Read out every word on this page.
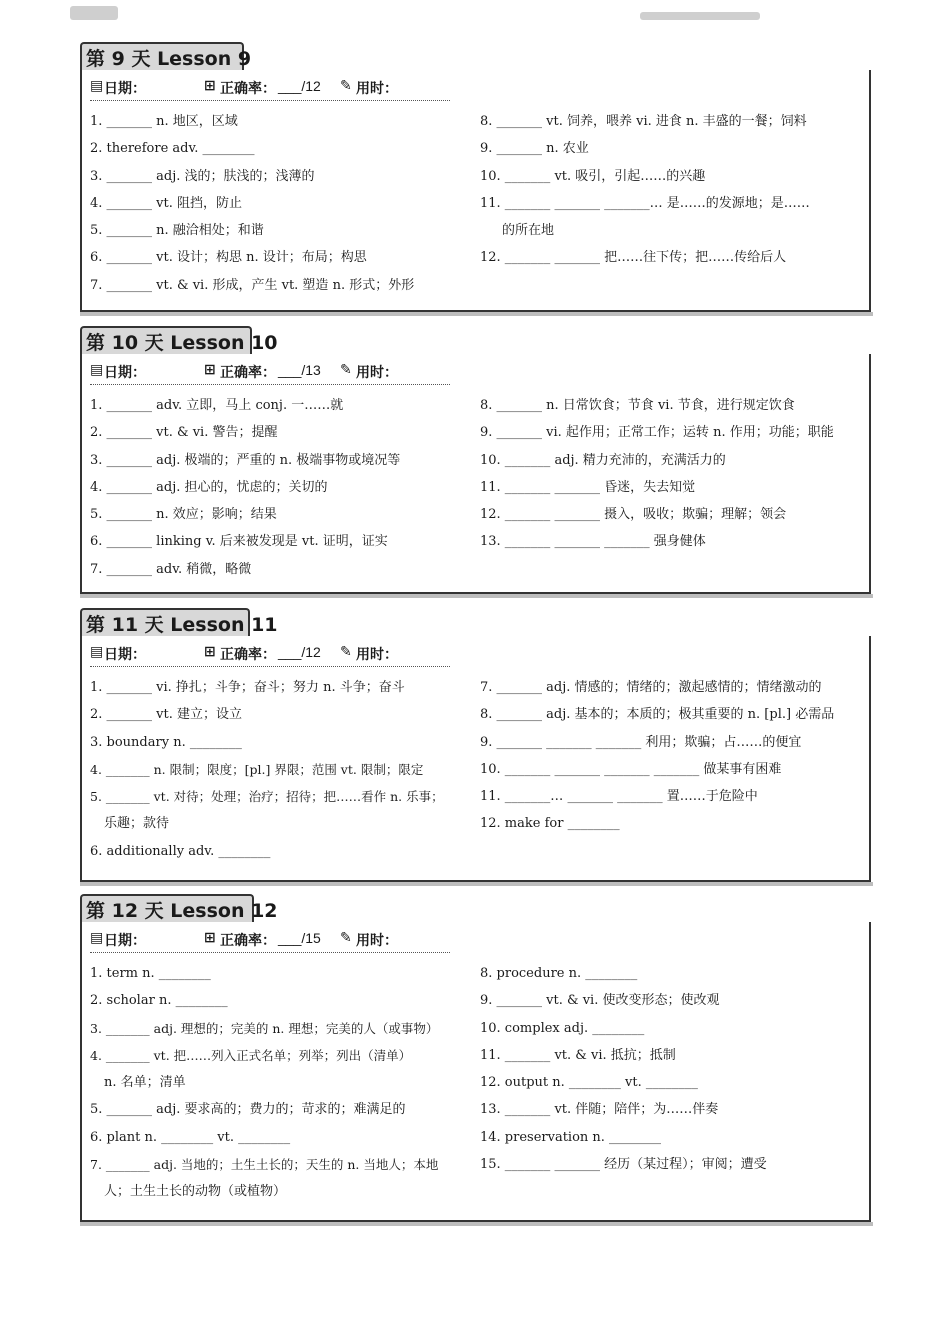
第 9 天 Lesson 9
▤ 日期：	⊞ 正确率： ___/12 ✎ 用时：
1. _______ n. 地区，区域
2. therefore adv. ________
3. _______ adj. 浅的；肤浅的；浅薄的
4. _______ vt. 阻挡，防止
5. _______ n. 融洽相处；和谐
6. _______ vt. 设计；构思 n. 设计；布局；构思
7. _______ vt. & vi. 形成，产生 vt. 塑造 n. 形式；外形
8. _______ vt. 饲养，喂养 vi. 进食 n. 丰盛的一餐；饲料
9. _______ n. 农业
10. _______ vt. 吸引，引起……的兴趣
11. _______ _______ _______… 是……的发源地；是……
的所在地
12. _______ _______ 把……往下传；把……传给后人
第 10 天 Lesson 10
▤ 日期：	⊞ 正确率： ___/13 ✎ 用时：
1. _______ adv. 立即，马上 conj. 一……就
2. _______ vt. & vi. 警告；提醒
3. _______ adj. 极端的；严重的 n. 极端事物或境况等
4. _______ adj. 担心的，忧虑的；关切的
5. _______ n. 效应；影响；结果
6. _______ linking v. 后来被发现是 vt. 证明，证实
7. _______ adv. 稍微，略微
8. _______ n. 日常饮食；节食 vi. 节食，进行规定饮食
9. _______ vi. 起作用；正常工作；运转 n. 作用；功能；职能
10. _______ adj. 精力充沛的，充满活力的
11. _______ _______ 昏迷，失去知觉
12. _______ _______ 摄入，吸收；欺骗；理解；领会
13. _______ _______ _______ 强身健体
第 11 天 Lesson 11
▤ 日期：	⊞ 正确率： ___/12 ✎ 用时：
1. _______ vi. 挣扎；斗争；奋斗；努力 n. 斗争；奋斗
2. _______ vt. 建立；设立
3. boundary n. ________
4. _______ n. 限制；限度；[pl.] 界限；范围 vt. 限制；限定
5. _______ vt. 对待；处理；治疗；招待；把……看作 n. 乐事；
乐趣；款待
6. additionally adv. ________
7. _______ adj. 情感的；情绪的；激起感情的；情绪激动的
8. _______ adj. 基本的；本质的；极其重要的 n. [pl.] 必需品
9. _______ _______ _______ 利用；欺骗；占……的便宜
10. _______ _______ _______ _______ 做某事有困难
11. _______… _______ _______ 置……于危险中
12. make for ________
第 12 天 Lesson 12
▤ 日期：	⊞ 正确率： ___/15 ✎ 用时：
1. term n. ________
2. scholar n. ________
3. _______ adj. 理想的；完美的 n. 理想；完美的人（或事物）
4. _______ vt. 把……列入正式名单；列举；列出（清单）
n. 名单；清单
5. _______ adj. 要求高的；费力的；苛求的；难满足的
6. plant n. ________ vt. ________
7. _______ adj. 当地的；土生土长的；天生的 n. 当地人；本地
人；土生土长的动物（或植物）
8. procedure n. ________
9. _______ vt. & vi. 使改变形态；使改观
10. complex adj. ________
11. _______ vt. & vi. 抵抗；抵制
12. output n. ________ vt. ________
13. _______ vt. 伴随；陪伴；为……伴奏
14. preservation n. ________
15. _______ _______ 经历（某过程）；审阅；遭受
